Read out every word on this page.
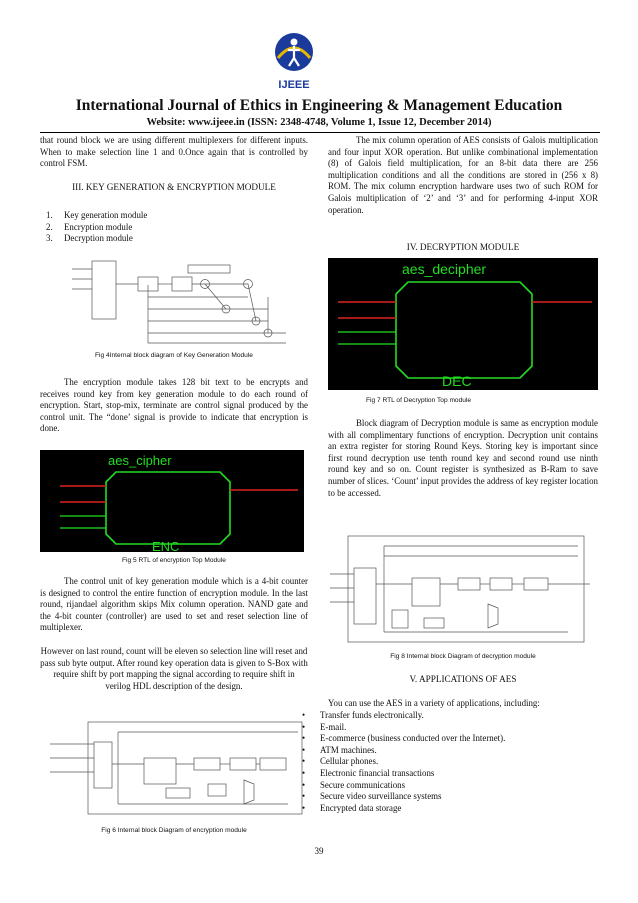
IJEEE
International Journal of Ethics in Engineering & Management Education
Website: www.ijeee.in (ISSN: 2348-4748, Volume 1, Issue 12, December 2014)
that round block we are using different multiplexers for different inputs. When to make selection line 1 and 0.Once again that is controlled by control FSM.
III. KEY GENERATION & ENCRYPTION MODULE
1. Key generation module
2. Encryption module
3. Decryption module
Fig 4Internal block diagram of Key Generation Module
The encryption module takes 128 bit text to be encrypts and receives round key from key generation module to do each round of encryption. Start, stop-mix, terminate are control signal produced by the control unit. The “done’ signal is provide to indicate that encryption is done.
aes_cipher
ENC
Fig 5 RTL of encryption Top Module
The control unit of key generation module which is a 4-bit counter is designed to control the entire function of encryption module. In the last round, rijandael algorithm skips Mix column operation. NAND gate and the 4-bit counter (controller) are used to set and reset selection line of multiplexer.
However on last round, count will be eleven so selection line will reset and pass sub byte output. After round key operation data is given to S-Box with require shift by port mapping the signal according to require shift in verilog HDL description of the design.
Fig 6 Internal block Diagram of encryption module
The mix column operation of AES consists of Galois multiplication and four input XOR operation. But unlike combinational implementation (8) of Galois field multiplication, for an 8-bit data there are 256 multiplication conditions and all the conditions are stored in (256 x 8) ROM. The mix column encryption hardware uses two of such ROM for Galois multiplication of ‘2’ and ‘3’ and for performing 4-input XOR operation.
IV. DECRYPTION MODULE
aes_decipher
DEC
Fig 7 RTL of Decryption Top module
Block diagram of Decryption module is same as encryption module with all complimentary functions of encryption. Decryption unit contains an extra register for storing Round Keys. Storing key is important since first round decryption use tenth round key and second round use ninth round key and so on. Count register is synthesized as B-Ram to save number of slices. ‘Count’ input provides the address of key register location to be accessed.
Fig 8 Internal block Diagram of decryption module
V. APPLICATIONS OF AES
You can use the AES in a variety of applications, including:
• Transfer funds electronically.
• E-mail.
• E-commerce (business conducted over the Internet).
• ATM machines.
• Cellular phones.
• Electronic financial transactions
• Secure communications
• Secure video surveillance systems
• Encrypted data storage
39
